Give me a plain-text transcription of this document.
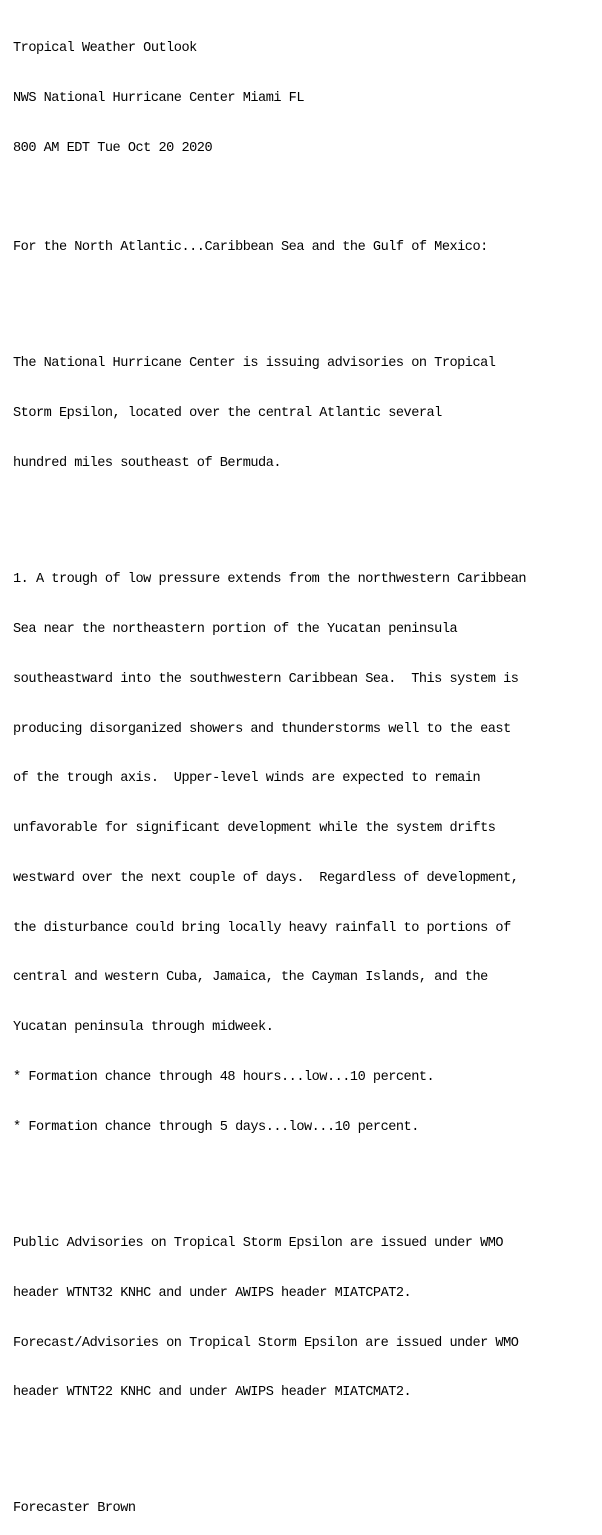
Tropical Weather Outlook

NWS National Hurricane Center Miami FL

800 AM EDT Tue Oct 20 2020

For the North Atlantic...Caribbean Sea and the Gulf of Mexico:

The National Hurricane Center is issuing advisories on Tropical

Storm Epsilon, located over the central Atlantic several

hundred miles southeast of Bermuda.

1. A trough of low pressure extends from the northwestern Caribbean

Sea near the northeastern portion of the Yucatan peninsula

southeastward into the southwestern Caribbean Sea.  This system is

producing disorganized showers and thunderstorms well to the east

of the trough axis.  Upper-level winds are expected to remain

unfavorable for significant development while the system drifts

westward over the next couple of days.  Regardless of development,

the disturbance could bring locally heavy rainfall to portions of

central and western Cuba, Jamaica, the Cayman Islands, and the

Yucatan peninsula through midweek.

* Formation chance through 48 hours...low...10 percent.

* Formation chance through 5 days...low...10 percent.

Public Advisories on Tropical Storm Epsilon are issued under WMO

header WTNT32 KNHC and under AWIPS header MIATCPAT2.

Forecast/Advisories on Tropical Storm Epsilon are issued under WMO

header WTNT22 KNHC and under AWIPS header MIATCMAT2.

Forecaster Brown
